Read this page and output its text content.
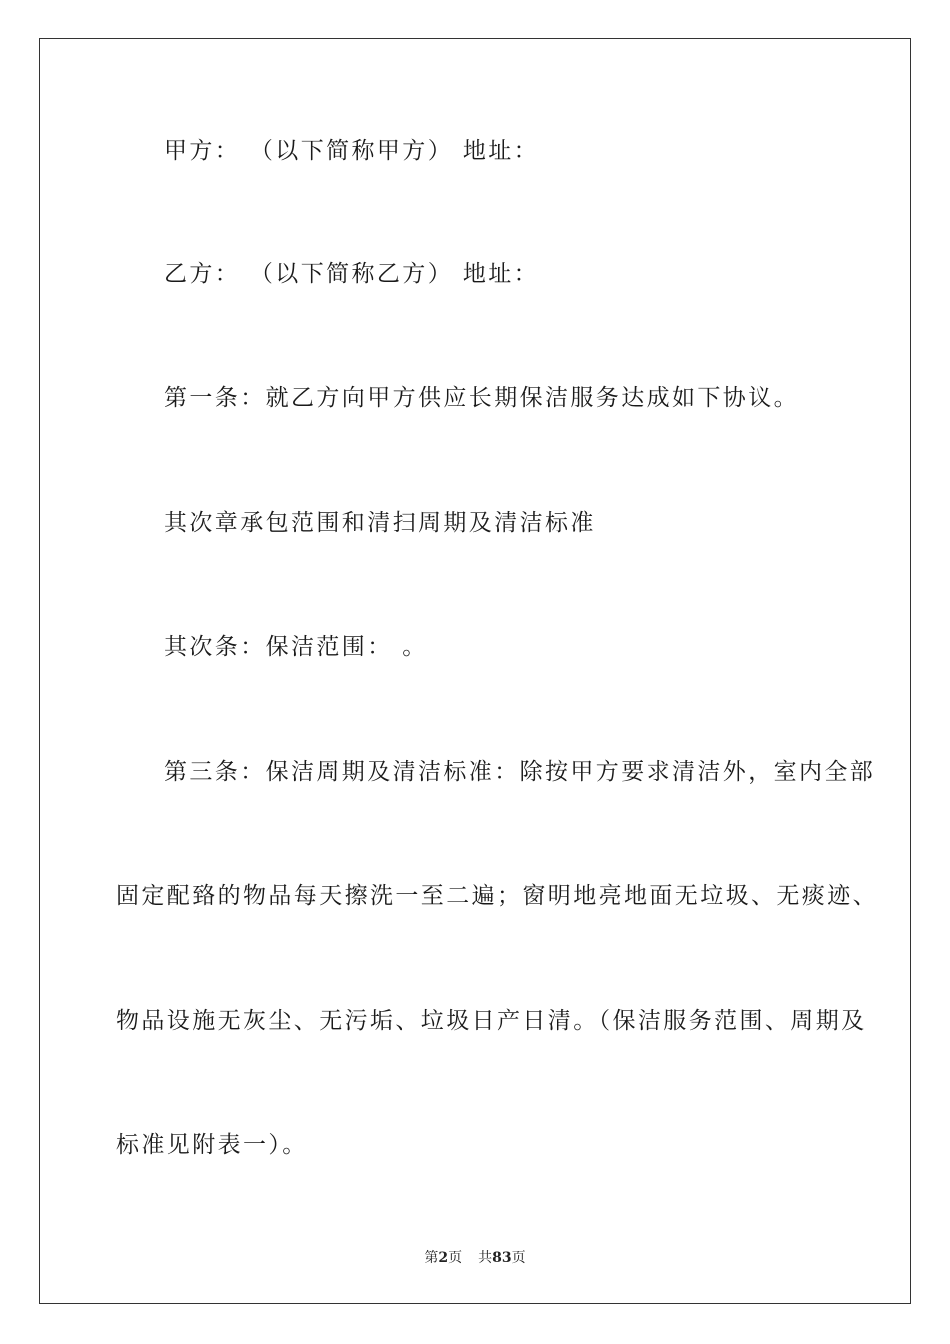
甲方： （以下简称甲方） 地址：
乙方： （以下简称乙方） 地址：
第一条：就乙方向甲方供应长期保洁服务达成如下协议。
其次章承包范围和清扫周期及清洁标准
其次条：保洁范围： 。
第三条：保洁周期及清洁标准：除按甲方要求清洁外，室内全部
固定配臵的物品每天擦洗一至二遍；窗明地亮地面无垃圾、无痰迹、
物品设施无灰尘、无污垢、垃圾日产日清。（保洁服务范围、周期及
标准见附表一）。
第2页 共83页
